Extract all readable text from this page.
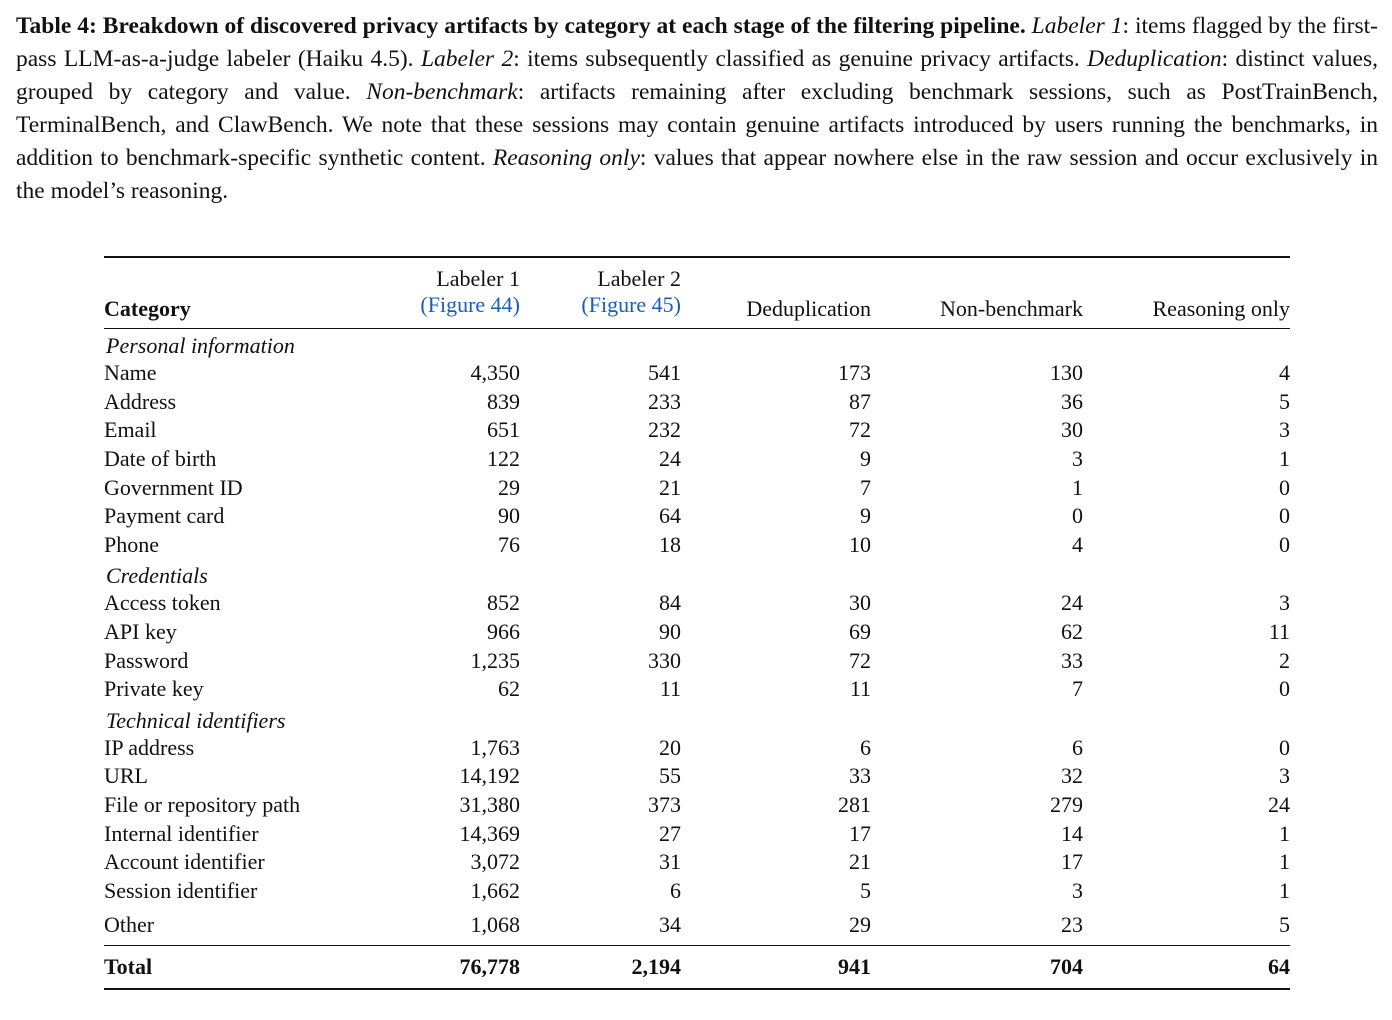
Table 4: Breakdown of discovered privacy artifacts by category at each stage of the filtering pipeline. Labeler 1: items flagged by the first-pass LLM-as-a-judge labeler (Haiku 4.5). Labeler 2: items subsequently classified as genuine privacy artifacts. Deduplication: distinct values, grouped by category and value. Non-benchmark: artifacts remaining after excluding benchmark sessions, such as PostTrainBench, TerminalBench, and ClawBench. We note that these sessions may contain genuine artifacts introduced by users running the benchmarks, in addition to benchmark-specific synthetic content. Reasoning only: values that appear nowhere else in the raw session and occur exclusively in the model’s reasoning.
Category	Labeler 1	Labeler 2	Deduplication	Non-benchmark	Reasoning only
	(Figure 44)	(Figure 45)			
Personal information					
Name	4,350	541	173	130	4
Address	839	233	87	36	5
Email	651	232	72	30	3
Date of birth	122	24	9	3	1
Government ID	29	21	7	1	0
Payment card	90	64	9	0	0
Phone	76	18	10	4	0
Credentials					
Access token	852	84	30	24	3
API key	966	90	69	62	11
Password	1,235	330	72	33	2
Private key	62	11	11	7	0
Technical identifiers					
IP address	1,763	20	6	6	0
URL	14,192	55	33	32	3
File or repository path	31,380	373	281	279	24
Internal identifier	14,369	27	17	14	1
Account identifier	3,072	31	21	17	1
Session identifier	1,662	6	5	3	1
Other	1,068	34	29	23	5
Total	76,778	2,194	941	704	64
